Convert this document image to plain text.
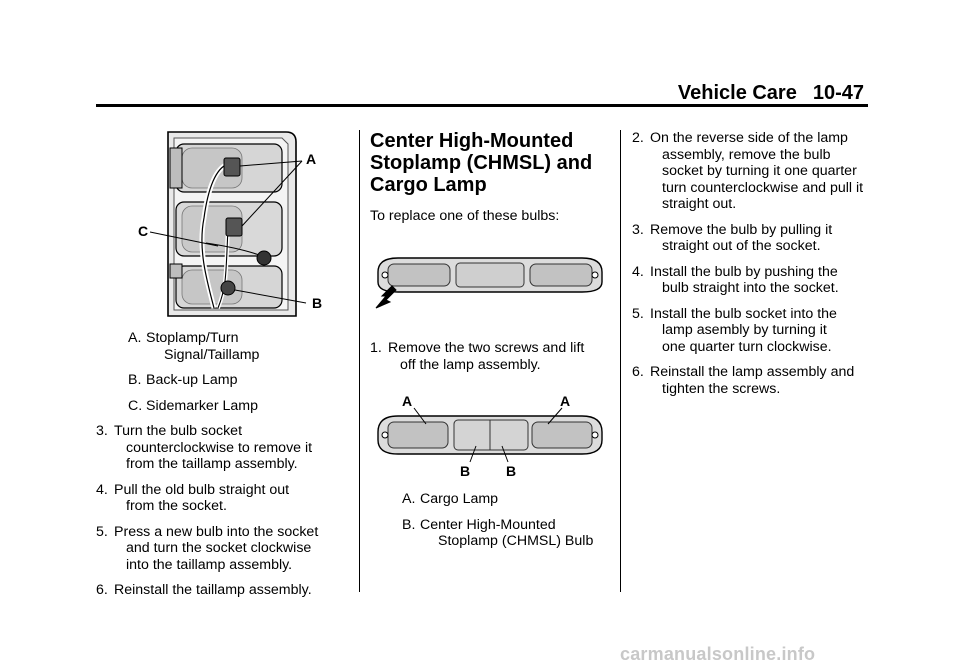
Vehicle Care 10-47
A
C
B
A. Stoplamp/Turn
Signal/Taillamp
B. Back-up Lamp
C. Sidemarker Lamp
3. Turn the bulb socket
counterclockwise to remove it
from the taillamp assembly.
4. Pull the old bulb straight out
from the socket.
5. Press a new bulb into the socket
and turn the socket clockwise
into the taillamp assembly.
6. Reinstall the taillamp assembly.
Center High-Mounted
Stoplamp (CHMSL) and
Cargo Lamp
To replace one of these bulbs:
1. Remove the two screws and lift
off the lamp assembly.
A	A
B	B
A. Cargo Lamp
B. Center High-Mounted
Stoplamp (CHMSL) Bulb
2. On the reverse side of the lamp
assembly, remove the bulb
socket by turning it one quarter
turn counterclockwise and pull it
straight out.
3. Remove the bulb by pulling it
straight out of the socket.
4. Install the bulb by pushing the
bulb straight into the socket.
5. Install the bulb socket into the
lamp asembly by turning it
one quarter turn clockwise.
6. Reinstall the lamp assembly and
tighten the screws.
carmanualsonline.info
